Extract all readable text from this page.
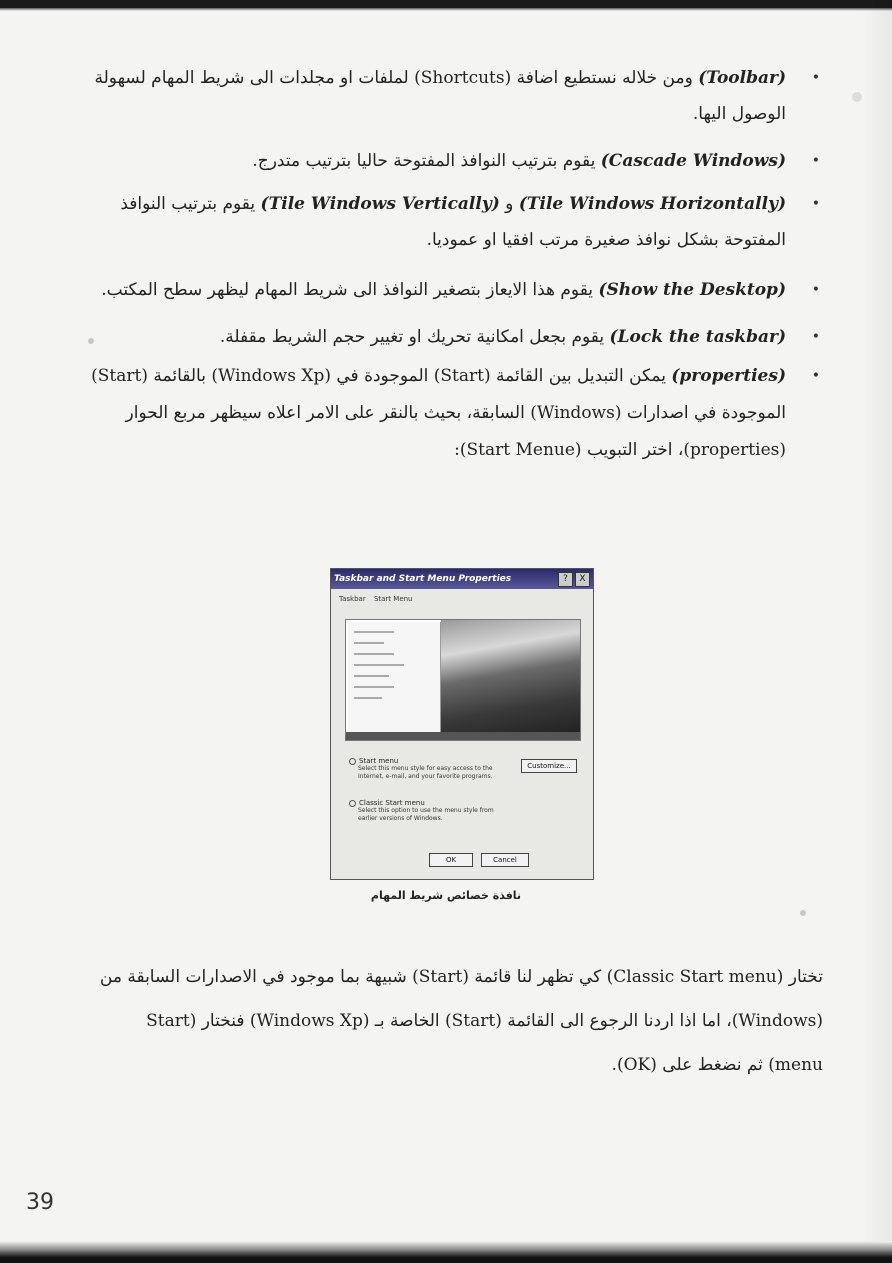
(Toolbar) ومن خلاله نستطيع اضافة (Shortcuts) لملفات او مجلدات الى شريط المهام لسهولة الوصول اليها. •
(Cascade Windows) يقوم بترتيب النوافذ المفتوحة حاليا بترتيب متدرج. •
(Tile Windows Horizontally) و (Tile Windows Vertically) يقوم بترتيب النوافذ المفتوحة بشكل نوافذ صغيرة مرتب افقيا او عموديا. •
(Show the Desktop) يقوم هذا الايعاز بتصغير النوافذ الى شريط المهام ليظهر سطح المكتب. •
(Lock the taskbar) يقوم بجعل امكانية تحريك او تغيير حجم الشريط مقفلة. •
(properties) يمكن التبديل بين القائمة (Start) الموجودة في (Windows Xp) بالقائمة (Start) الموجودة في اصدارات (Windows) السابقة، بحيث بالنقر على الامر اعلاه سيظهر مربع الحوار (properties)، اختر التبويب (Start Menue): •
Taskbar and Start Menu Properties	?	X
Taskbar Start Menu
Start menu
Select this menu style for easy access to the Internet, e-mail, and your favorite programs.
Customize...
Classic Start menu
Select this option to use the menu style from earlier versions of Windows.
OK	Cancel
نافذة خصائص شريط المهام
تختار (Classic Start menu) كي تظهر لنا قائمة (Start) شبيهة بما موجود في الاصدارات السابقة من (Windows)، اما اذا اردنا الرجوع الى القائمة (Start) الخاصة بـ (Windows Xp) فنختار (Start menu) ثم نضغط على (OK).
39
